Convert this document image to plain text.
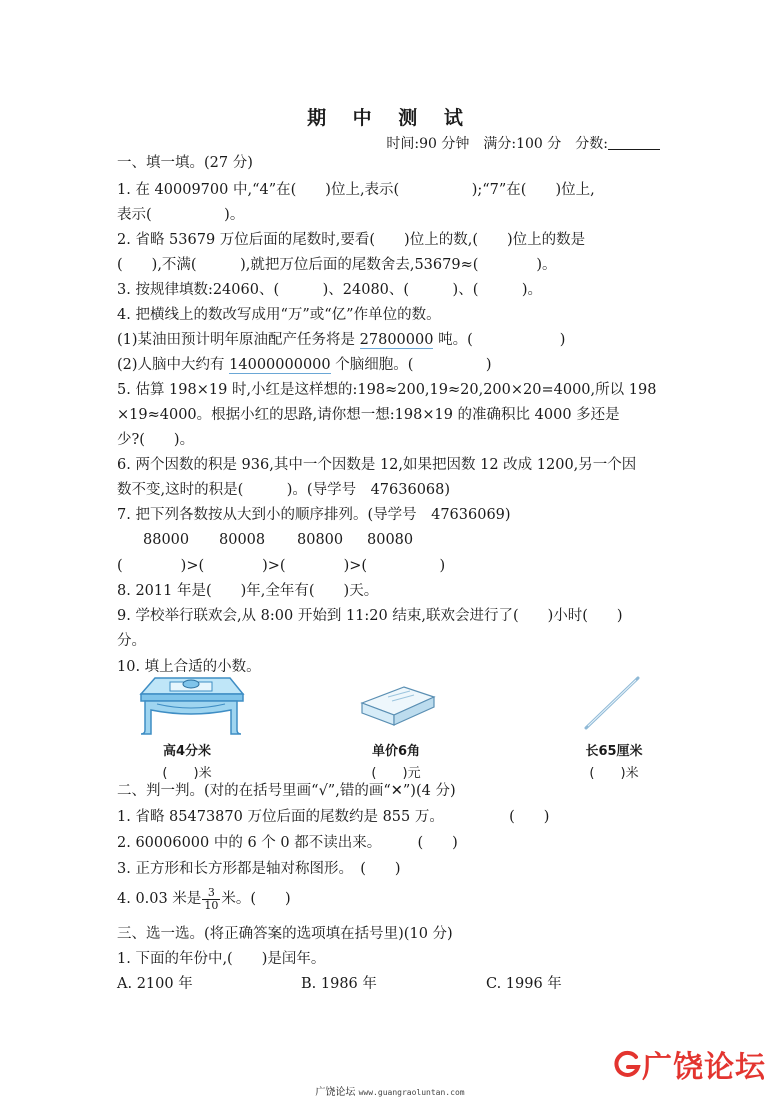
期 中 测 试
时间:90 分钟　满分:100 分　分数:
一、填一填。(27 分)
1. 在 40009700 中,“4”在(　　)位上,表示(　　　　　);“7”在(　　)位上,
表示(　　　　　)。
2. 省略 53679 万位后面的尾数时,要看(　　)位上的数,(　　)位上的数是
(　　),不满(　　　),就把万位后面的尾数舍去,53679≈(　　　　)。
3. 按规律填数:24060、(　　　)、24080、(　　　)、(　　　)。
4. 把横线上的数改写成用“万”或“亿”作单位的数。
(1)某油田预计明年原油配产任务将是 27800000 吨。(　　　　　　)
(2)人脑中大约有 14000000000 个脑细胞。(　　　　　)
5. 估算 198×19 时,小红是这样想的:198≈200,19≈20,200×20=4000,所以 198
×19≈4000。根据小红的思路,请你想一想:198×19 的准确积比 4000 多还是
少?(　　)。
6. 两个因数的积是 936,其中一个因数是 12,如果把因数 12 改成 1200,另一个因
数不变,这时的积是(　　　)。(导学号　47636068)
7. 把下列各数按从大到小的顺序排列。(导学号　47636069)
88000 80008 80800 80080
(　　　　)>(　　　　)>(　　　　)>(　　　　　)
8. 2011 年是(　　)年,全年有(　　)天。
9. 学校举行联欢会,从 8:00 开始到 11:20 结束,联欢会进行了(　　)小时(　　)
分。
10. 填上合适的小数。
高4分米
(　　)米
单价6角
(　　)元
长65厘米
(　　)米
二、判一判。(对的在括号里画“√”,错的画“✕”)(4 分)
1. 省略 85473870 万位后面的尾数约是 855 万。　　　　　(　　)
2. 60006000 中的 6 个 0 都不读出来。　　　(　　)
3. 正方形和长方形都是轴对称图形。　(　　)
4. 0.03 米是 $\frac{3}{10}$ 米。(　　)
三、选一选。(将正确答案的选项填在括号里)(10 分)
1. 下面的年份中,(　　)是闰年。
A. 2100 年	B. 1986 年	C. 1996 年
广饶论坛 www.guangraoluntan.com
广饶论坛
